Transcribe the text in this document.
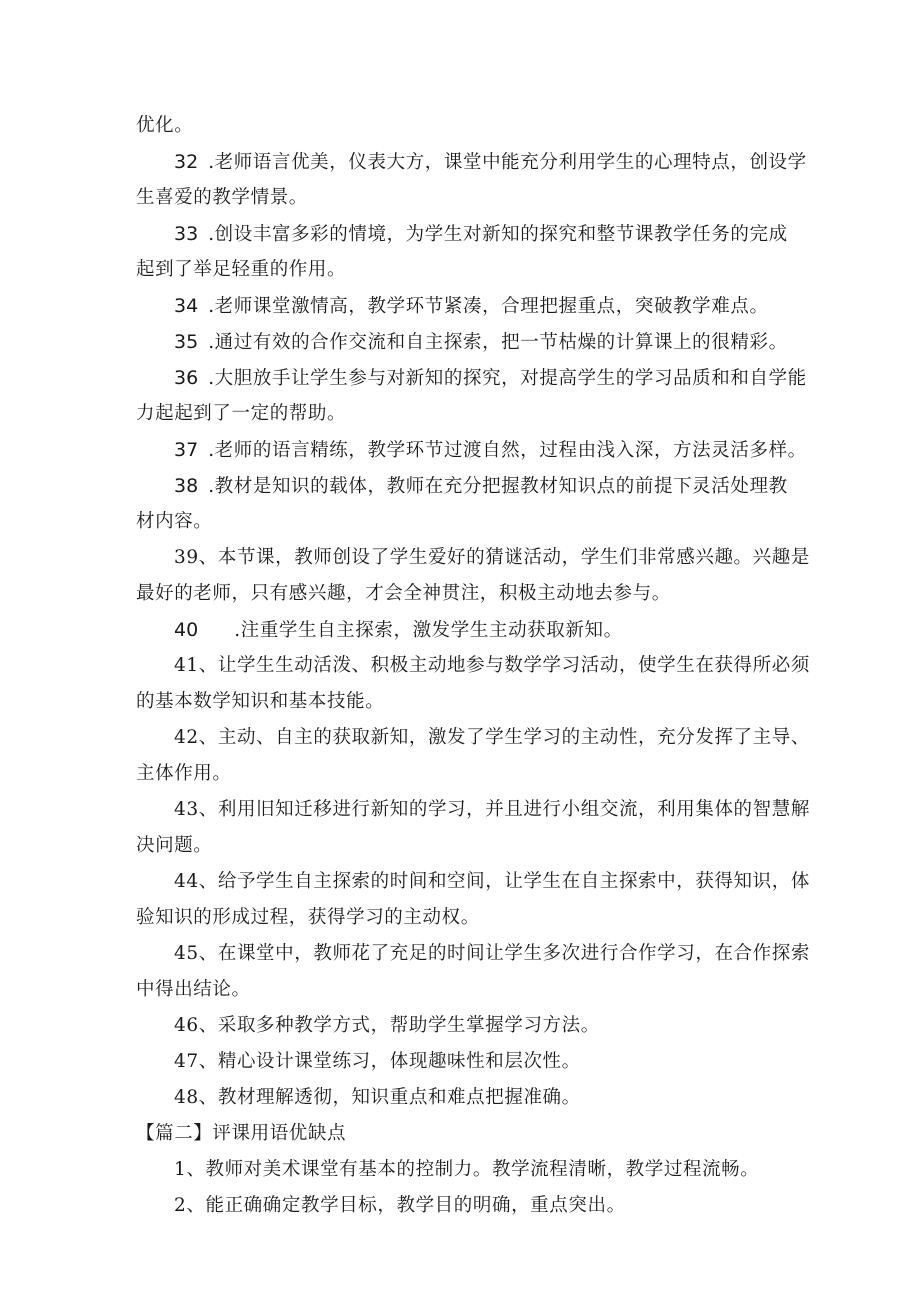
优化。
32 .老师语言优美，仪表大方，课堂中能充分利用学生的心理特点，创设学
生喜爱的教学情景。
33 .创设丰富多彩的情境，为学生对新知的探究和整节课教学任务的完成
起到了举足轻重的作用。
34 .老师课堂激情高，教学环节紧凑，合理把握重点，突破教学难点。
35 .通过有效的合作交流和自主探索，把一节枯燥的计算课上的很精彩。
36 .大胆放手让学生参与对新知的探究，对提高学生的学习品质和和自学能
力起起到了一定的帮助。
37 .老师的语言精练，教学环节过渡自然，过程由浅入深，方法灵活多样。
38 .教材是知识的载体，教师在充分把握教材知识点的前提下灵活处理教
材内容。
39、本节课，教师创设了学生爱好的猜谜活动，学生们非常感兴趣。兴趣是
最好的老师，只有感兴趣，才会全神贯注，积极主动地去参与。
40 .注重学生自主探索，激发学生主动获取新知。
41、让学生生动活泼、积极主动地参与数学学习活动，使学生在获得所必须
的基本数学知识和基本技能。
42、主动、自主的获取新知，激发了学生学习的主动性，充分发挥了主导、
主体作用。
43、利用旧知迁移进行新知的学习，并且进行小组交流，利用集体的智慧解
决问题。
44、给予学生自主探索的时间和空间，让学生在自主探索中，获得知识，体
验知识的形成过程，获得学习的主动权。
45、在课堂中，教师花了充足的时间让学生多次进行合作学习，在合作探索
中得出结论。
46、采取多种教学方式，帮助学生掌握学习方法。
47、精心设计课堂练习，体现趣味性和层次性。
48、教材理解透彻，知识重点和难点把握准确。
【篇二】评课用语优缺点
1、教师对美术课堂有基本的控制力。教学流程清晰，教学过程流畅。
2、能正确确定教学目标，教学目的明确，重点突出。
